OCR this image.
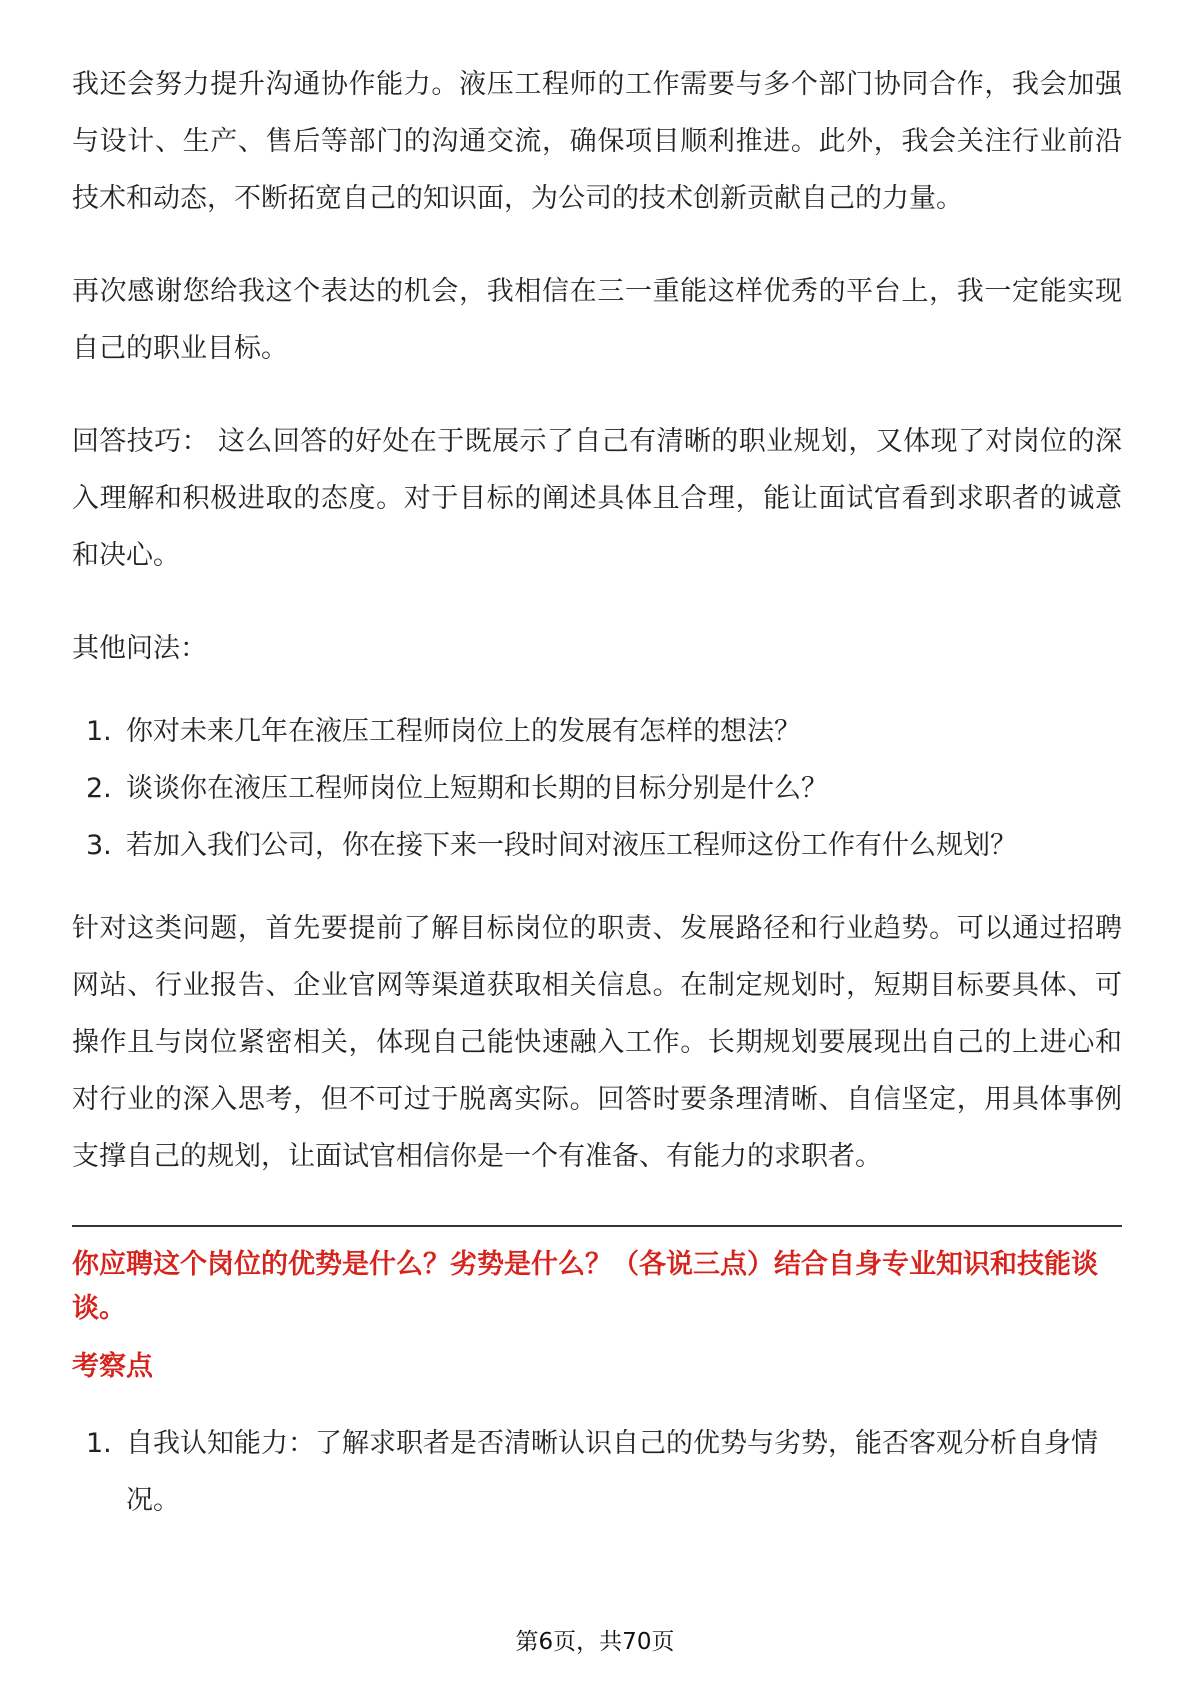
我还会努力提升沟通协作能力。液压工程师的工作需要与多个部门协同合作，我会加强与设计、生产、售后等部门的沟通交流，确保项目顺利推进。此外，我会关注行业前沿技术和动态，不断拓宽自己的知识面，为公司的技术创新贡献自己的力量。

再次感谢您给我这个表达的机会，我相信在三一重能这样优秀的平台上，我一定能实现自己的职业目标。

回答技巧： 这么回答的好处在于既展示了自己有清晰的职业规划，又体现了对岗位的深入理解和积极进取的态度。对于目标的阐述具体且合理，能让面试官看到求职者的诚意和决心。

其他问法：

1. 你对未来几年在液压工程师岗位上的发展有怎样的想法？
2. 谈谈你在液压工程师岗位上短期和长期的目标分别是什么？
3. 若加入我们公司，你在接下来一段时间对液压工程师这份工作有什么规划？

针对这类问题，首先要提前了解目标岗位的职责、发展路径和行业趋势。可以通过招聘网站、行业报告、企业官网等渠道获取相关信息。在制定规划时，短期目标要具体、可操作且与岗位紧密相关，体现自己能快速融入工作。长期规划要展现出自己的上进心和对行业的深入思考，但不可过于脱离实际。回答时要条理清晰、自信坚定，用具体事例支撑自己的规划，让面试官相信你是一个有准备、有能力的求职者。

你应聘这个岗位的优势是什么？劣势是什么？（各说三点）结合自身专业知识和技能谈谈。

考察点

1. 自我认知能力：了解求职者是否清晰认识自己的优势与劣势，能否客观分析自身情况。
第6页，共70页
